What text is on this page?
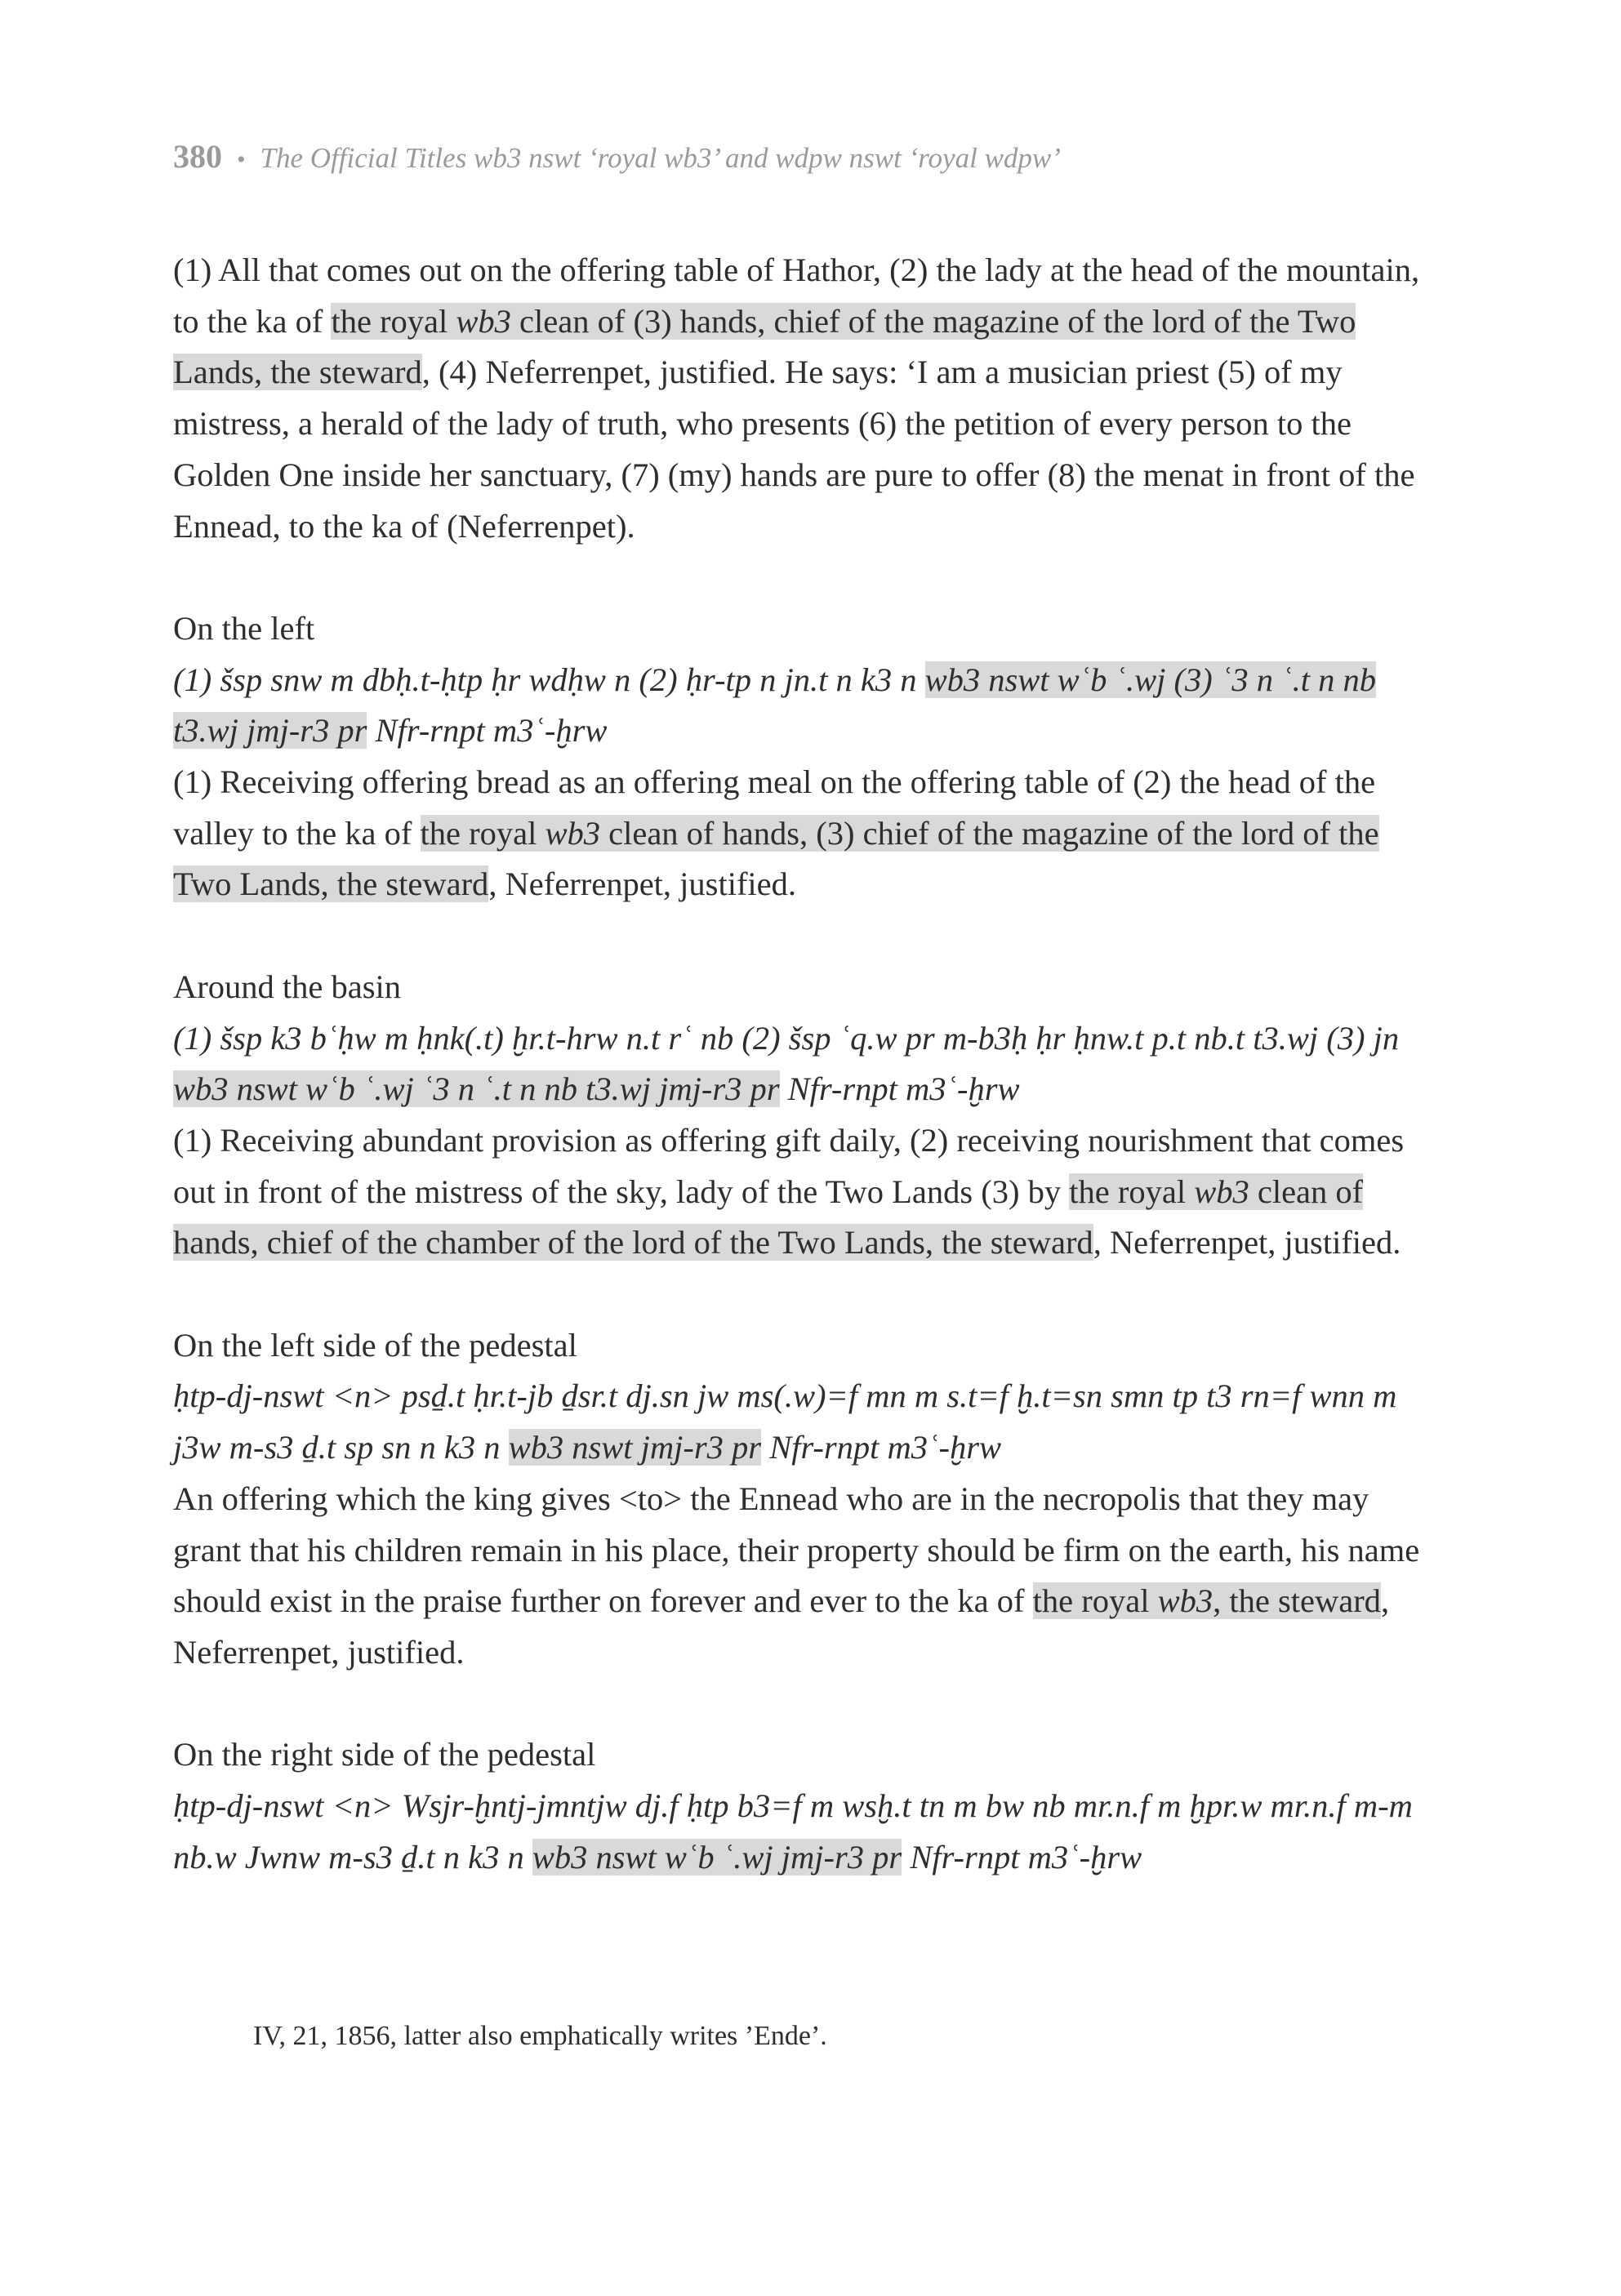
380 • The Official Titles wb3 nswt ‘royal wb3’ and wdpw nswt ‘royal wdpw’

(1) All that comes out on the offering table of Hathor, (2) the lady at the head of the mountain, to the ka of the royal wb3 clean of (3) hands, chief of the magazine of the lord of the Two Lands, the steward, (4) Neferrenpet, justified. He says: ‘I am a musician priest (5) of my mistress, a herald of the lady of truth, who presents (6) the petition of every person to the Golden One inside her sanctuary, (7) (my) hands are pure to offer (8) the menat in front of the Ennead, to the ka of (Neferrenpet).

On the left

(1) šsp snw m dbḥ.t-ḥtp ḥr wdḥw n (2) ḥr-tp n jn.t n k3 n wb3 nswt wʿb ʿ.wj (3) ʿ3 n ʿ.t n nb t3.wj jmj-r3 pr Nfr-rnpt m3ʿ-ḫrw

(1) Receiving offering bread as an offering meal on the offering table of (2) the head of the valley to the ka of the royal wb3 clean of hands, (3) chief of the magazine of the lord of the Two Lands, the steward, Neferrenpet, justified.

Around the basin

(1) šsp k3 bʿḥw m ḥnk(.t) ḫr.t-hrw n.t rʿ nb (2) šsp ʿq.w pr m-b3ḥ ḥr ḥnw.t p.t nb.t t3.wj (3) jn wb3 nswt wʿb ʿ.wj ʿ3 n ʿ.t n nb t3.wj jmj-r3 pr Nfr-rnpt m3ʿ-ḫrw

(1) Receiving abundant provision as offering gift daily, (2) receiving nourishment that comes out in front of the mistress of the sky, lady of the Two Lands (3) by the royal wb3 clean of hands, chief of the chamber of the lord of the Two Lands, the steward, Neferrenpet, justified.

On the left side of the pedestal

ḥtp-dj-nswt <n> psḏ.t ḥr.t-jb ḏsr.t dj.sn jw ms(.w)=f mn m s.t=f ḫ.t=sn smn tp t3 rn=f wnn m j3w m-s3 ḏ.t sp sn n k3 n wb3 nswt jmj-r3 pr Nfr-rnpt m3ʿ-ḫrw

An offering which the king gives <to> the Ennead who are in the necropolis that they may grant that his children remain in his place, their property should be firm on the earth, his name should exist in the praise further on forever and ever to the ka of the royal wb3, the steward, Neferrenpet, justified.

On the right side of the pedestal

ḥtp-dj-nswt <n> Wsjr-ḫntj-jmntjw dj.f ḥtp b3=f m wsḫ.t tn m bw nb mr.n.f m ḫpr.w mr.n.f m-m nb.w Jwnw m-s3 ḏ.t n k3 n wb3 nswt wʿb ʿ.wj jmj-r3 pr Nfr-rnpt m3ʿ-ḫrw

IV, 21, 1856, latter also emphatically writes ’Ende’.
